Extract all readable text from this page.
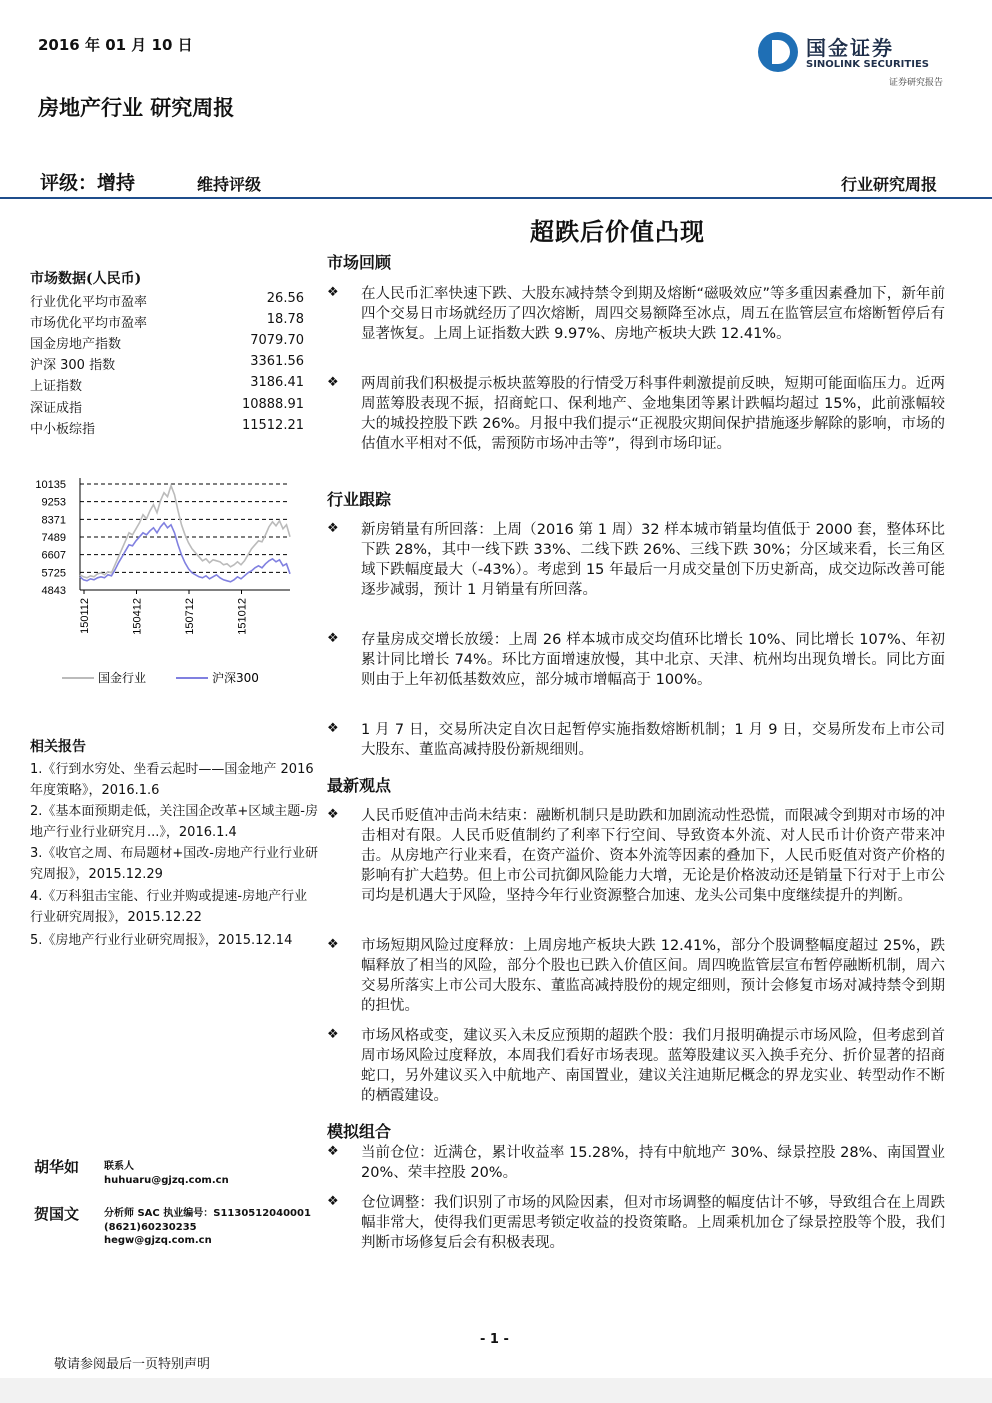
2016 年 01 月 10 日	国金证券
SINOLINK SECURITIES
证券研究报告
房地产行业 研究周报
评级：增持	维持评级	行业研究周报
超跌后价值凸现
市场数据(人民币)
行业优化平均市盈率	26.56
市场优化平均市盈率	18.78
国金房地产指数	7079.70
沪深 300 指数	3361.56
上证指数	3186.41
深证成指	10888.91
中小板综指	11512.21
10135
9253
8371
7489
6607
5725
4843
150112	150412	150712	151012
国金行业	沪深300
相关报告
1.《行到水穷处、坐看云起时——国金地产 2016 年度策略》，2016.1.6
2.《基本面预期走低，关注国企改革+区域主题-房地产行业行业研究月...》，2016.1.4
3.《收官之周、布局题材+国改-房地产行业行业研究周报》，2015.12.29
4.《万科狙击宝能、行业并购或提速-房地产行业行业研究周报》，2015.12.22
5.《房地产行业行业研究周报》，2015.12.14
胡华如 联系人
huhuaru@gjzq.com.cn
贺国文 分析师 SAC 执业编号：S1130512040001
(8621)60230235
hegw@gjzq.com.cn
市场回顾
❖ 在人民币汇率快速下跌、大股东减持禁令到期及熔断“磁吸效应”等多重因素叠加下，新年前四个交易日市场就经历了四次熔断，周四交易额降至冰点，周五在监管层宣布熔断暂停后有显著恢复。上周上证指数大跌 9.97%、房地产板块大跌 12.41%。
❖ 两周前我们积极提示板块蓝筹股的行情受万科事件刺激提前反映，短期可能面临压力。近两周蓝筹股表现不振，招商蛇口、保利地产、金地集团等累计跌幅均超过 15%，此前涨幅较大的城投控股下跌 26%。月报中我们提示“正视股灾期间保护措施逐步解除的影响，市场的估值水平相对不低，需预防市场冲击等”，得到市场印证。
行业跟踪
❖ 新房销量有所回落：上周（2016 第 1 周）32 样本城市销量均值低于 2000 套，整体环比下跌 28%，其中一线下跌 33%、二线下跌 26%、三线下跌 30%；分区域来看，长三角区域下跌幅度最大（-43%）。考虑到 15 年最后一月成交量创下历史新高，成交边际改善可能逐步减弱，预计 1 月销量有所回落。
❖ 存量房成交增长放缓：上周 26 样本城市成交均值环比增长 10%、同比增长 107%、年初累计同比增长 74%。环比方面增速放慢，其中北京、天津、杭州均出现负增长。同比方面则由于上年初低基数效应，部分城市增幅高于 100%。
❖ 1 月 7 日，交易所决定自次日起暂停实施指数熔断机制；1 月 9 日，交易所发布上市公司大股东、董监高减持股份新规细则。
最新观点
❖ 人民币贬值冲击尚未结束：融断机制只是助跌和加剧流动性恐慌，而限减令到期对市场的冲击相对有限。人民币贬值制约了利率下行空间、导致资本外流、对人民币计价资产带来冲击。从房地产行业来看，在资产溢价、资本外流等因素的叠加下，人民币贬值对资产价格的影响有扩大趋势。但上市公司抗御风险能力大增，无论是价格波动还是销量下行对于上市公司均是机遇大于风险，坚持今年行业资源整合加速、龙头公司集中度继续提升的判断。
❖ 市场短期风险过度释放：上周房地产板块大跌 12.41%，部分个股调整幅度超过 25%，跌幅释放了相当的风险，部分个股也已跌入价值区间。周四晚监管层宣布暂停融断机制，周六交易所落实上市公司大股东、董监高减持股份的规定细则，预计会修复市场对减持禁令到期的担忧。
❖ 市场风格或变，建议买入未反应预期的超跌个股：我们月报明确提示市场风险，但考虑到首周市场风险过度释放，本周我们看好市场表现。蓝筹股建议买入换手充分、折价显著的招商蛇口，另外建议买入中航地产、南国置业，建议关注迪斯尼概念的界龙实业、转型动作不断的栖霞建设。
模拟组合
❖ 当前仓位：近满仓，累计收益率 15.28%，持有中航地产 30%、绿景控股 28%、南国置业 20%、荣丰控股 20%。
❖ 仓位调整：我们识别了市场的风险因素，但对市场调整的幅度估计不够，导致组合在上周跌幅非常大，使得我们更需思考锁定收益的投资策略。上周乘机加仓了绿景控股等个股，我们判断市场修复后会有积极表现。
- 1 -
敬请参阅最后一页特别声明
